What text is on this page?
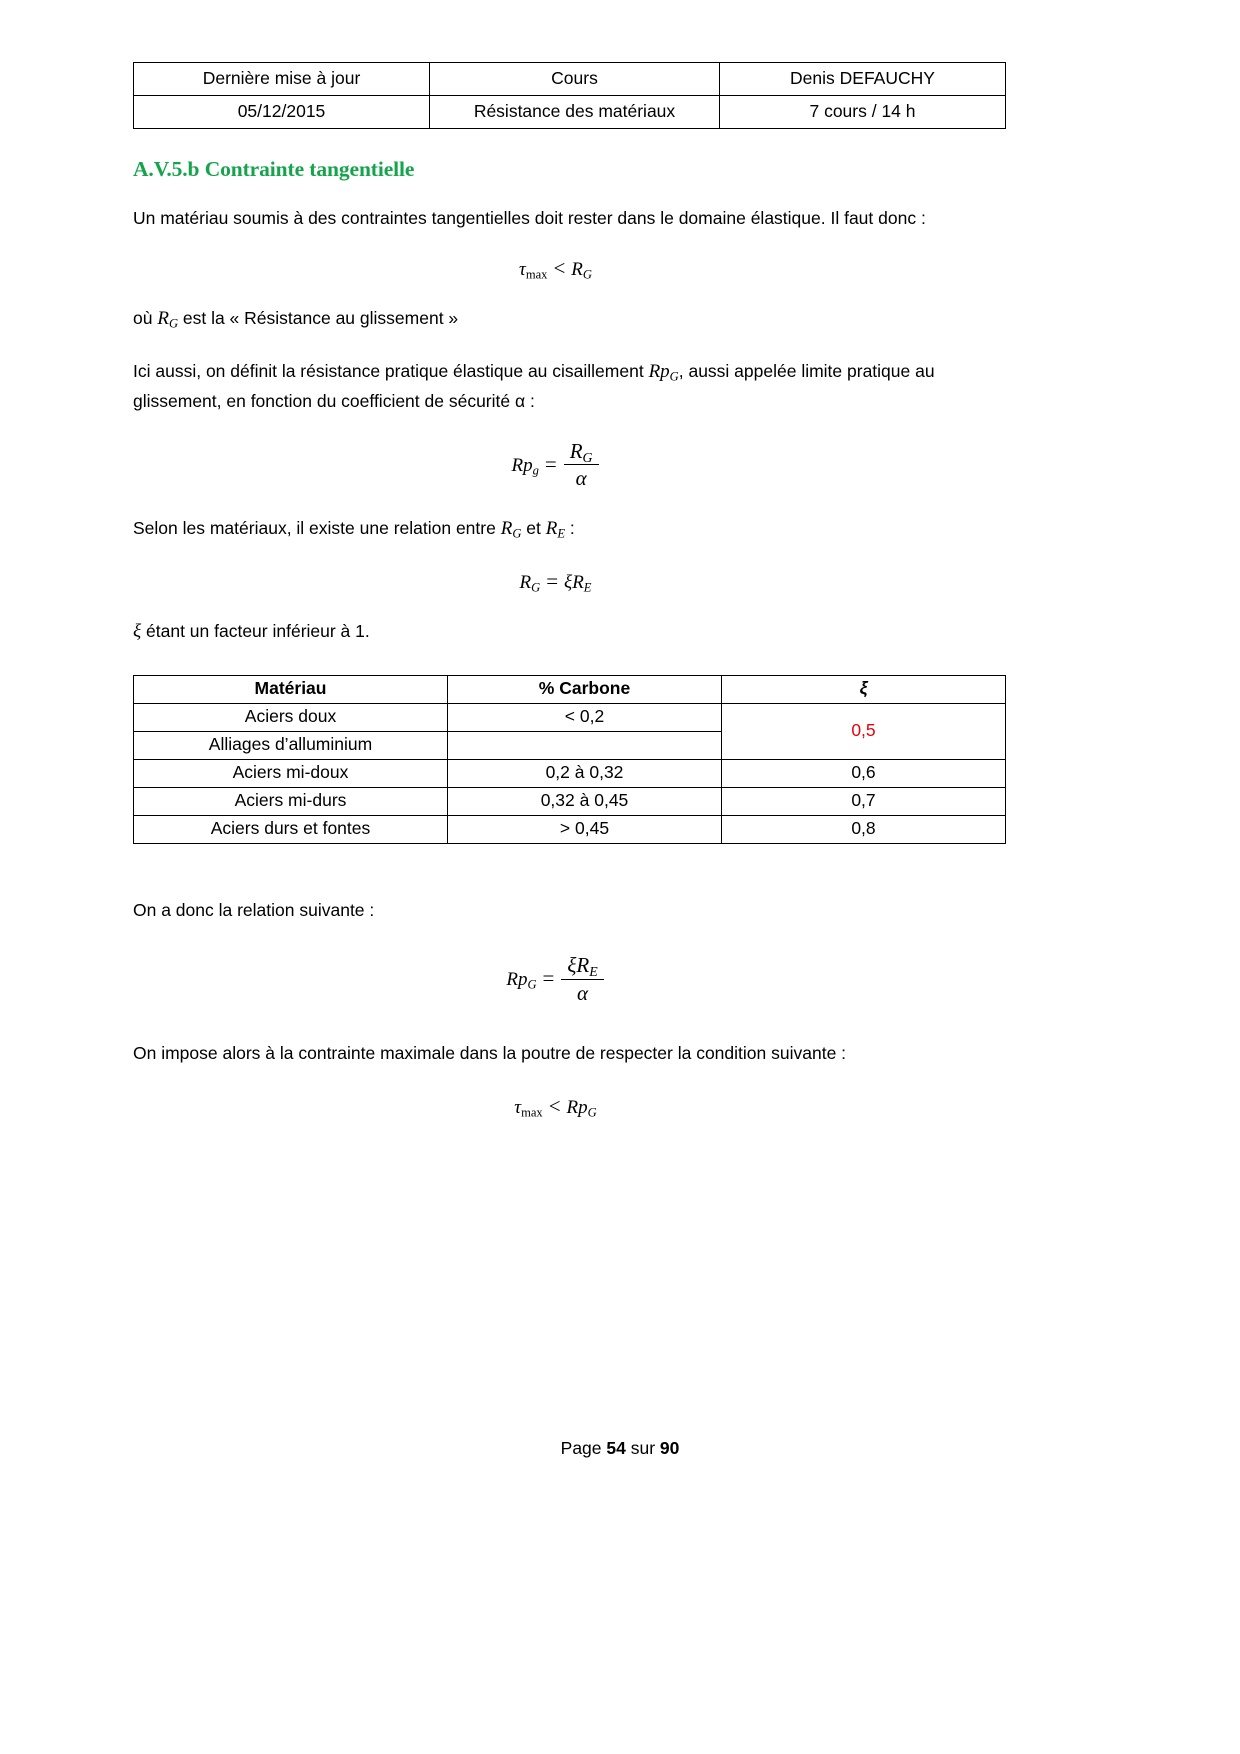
Dernière mise à jour	Cours	Denis DEFAUCHY
05/12/2015	Résistance des matériaux	7 cours / 14 h
A.V.5.b Contrainte tangentielle

Un matériau soumis à des contraintes tangentielles doit rester dans le domaine élastique. Il faut donc :

$\tau_{max} < R_G$

où $R_G$ est la « Résistance au glissement »

Ici aussi, on définit la résistance pratique élastique au cisaillement $Rp_G$, aussi appelée limite pratique au glissement, en fonction du coefficient de sécurité α :

$Rp_g = \frac{R_G}{\alpha}$

Selon les matériaux, il existe une relation entre $R_G$ et $R_E$ :

$R_G = \xi R_E$

ξ étant un facteur inférieur à 1.

Matériau	% Carbone	ξ
Aciers doux	< 0,2	0,5
Alliages d’alluminium		
Aciers mi-doux	0,2 à 0,32	0,6
Aciers mi-durs	0,32 à 0,45	0,7
Aciers durs et fontes	> 0,45	0,8

On a donc la relation suivante :

$Rp_G = \frac{\xi R_E}{\alpha}$

On impose alors à la contrainte maximale dans la poutre de respecter la condition suivante :

$\tau_{max} < Rp_G$
Page 54 sur 90
